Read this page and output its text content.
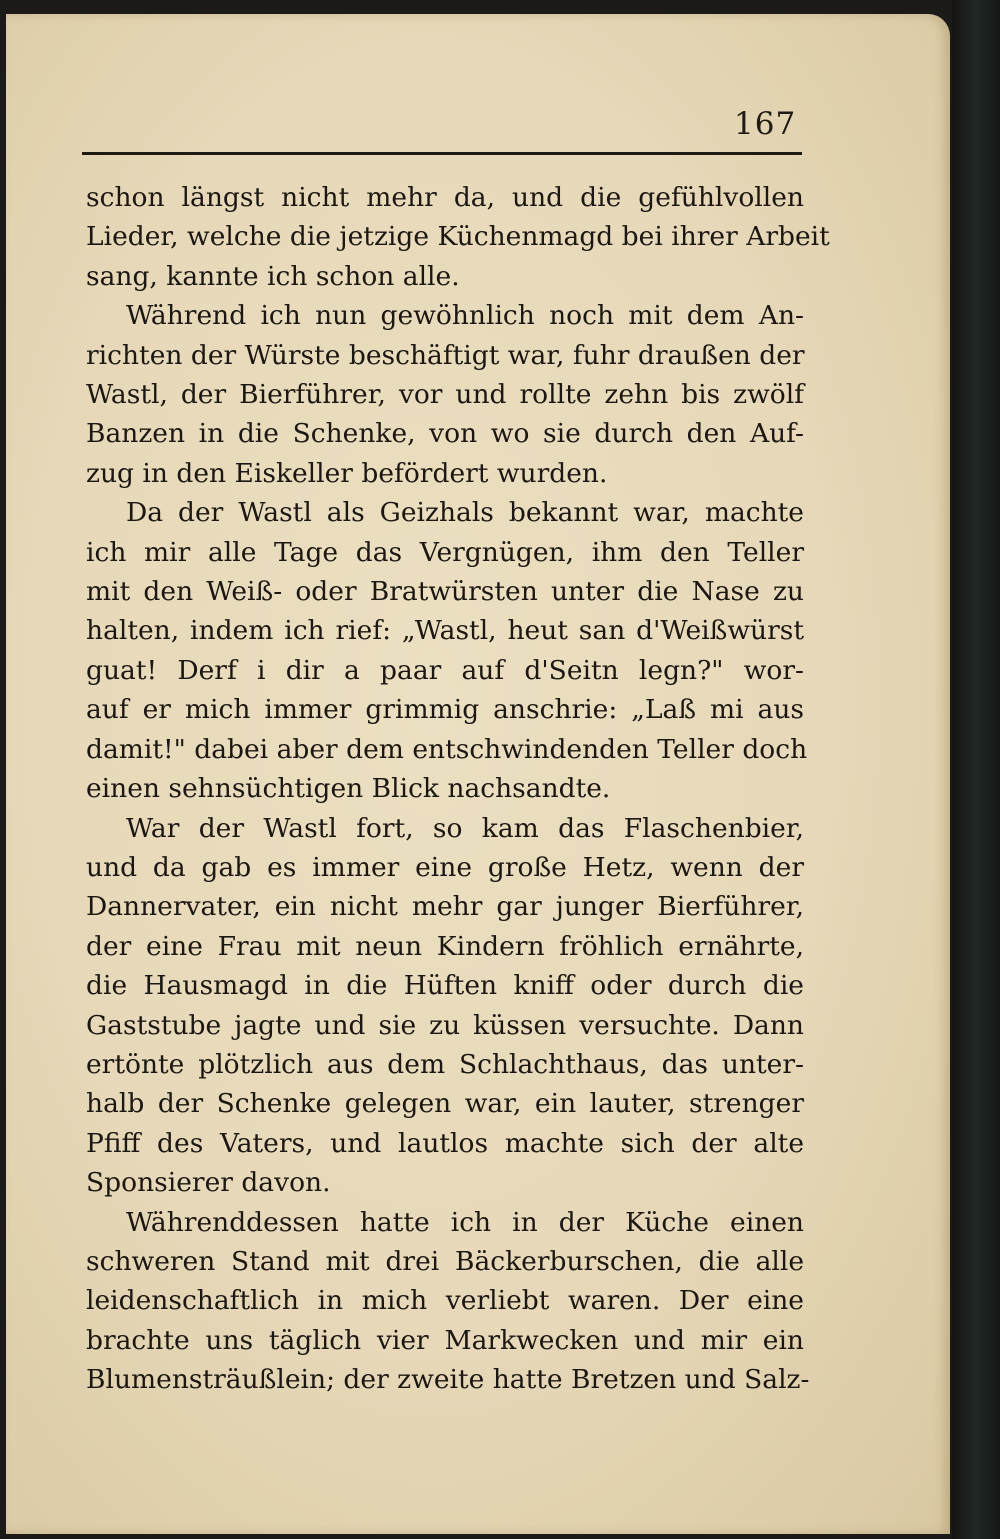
167
schon längst nicht mehr da, und die gefühlvollen
Lieder, welche die jetzige Küchenmagd bei ihrer Arbeit
sang, kannte ich schon alle.
Während ich nun gewöhnlich noch mit dem An-
richten der Würste beschäftigt war, fuhr draußen der
Wastl, der Bierführer, vor und rollte zehn bis zwölf
Banzen in die Schenke, von wo sie durch den Auf-
zug in den Eiskeller befördert wurden.
Da der Wastl als Geizhals bekannt war, machte
ich mir alle Tage das Vergnügen, ihm den Teller
mit den Weiß- oder Bratwürsten unter die Nase zu
halten, indem ich rief: „Wastl, heut san d'Weißwürst
guat! Derf i dir a paar auf d'Seitn legn?" wor-
auf er mich immer grimmig anschrie: „Laß mi aus
damit!" dabei aber dem entschwindenden Teller doch
einen sehnsüchtigen Blick nachsandte.
War der Wastl fort, so kam das Flaschenbier,
und da gab es immer eine große Hetz, wenn der
Dannervater, ein nicht mehr gar junger Bierführer,
der eine Frau mit neun Kindern fröhlich ernährte,
die Hausmagd in die Hüften kniff oder durch die
Gaststube jagte und sie zu küssen versuchte. Dann
ertönte plötzlich aus dem Schlachthaus, das unter-
halb der Schenke gelegen war, ein lauter, strenger
Pfiff des Vaters, und lautlos machte sich der alte
Sponsierer davon.
Währenddessen hatte ich in der Küche einen
schweren Stand mit drei Bäckerburschen, die alle
leidenschaftlich in mich verliebt waren. Der eine
brachte uns täglich vier Markwecken und mir ein
Blumensträußlein; der zweite hatte Bretzen und Salz-
